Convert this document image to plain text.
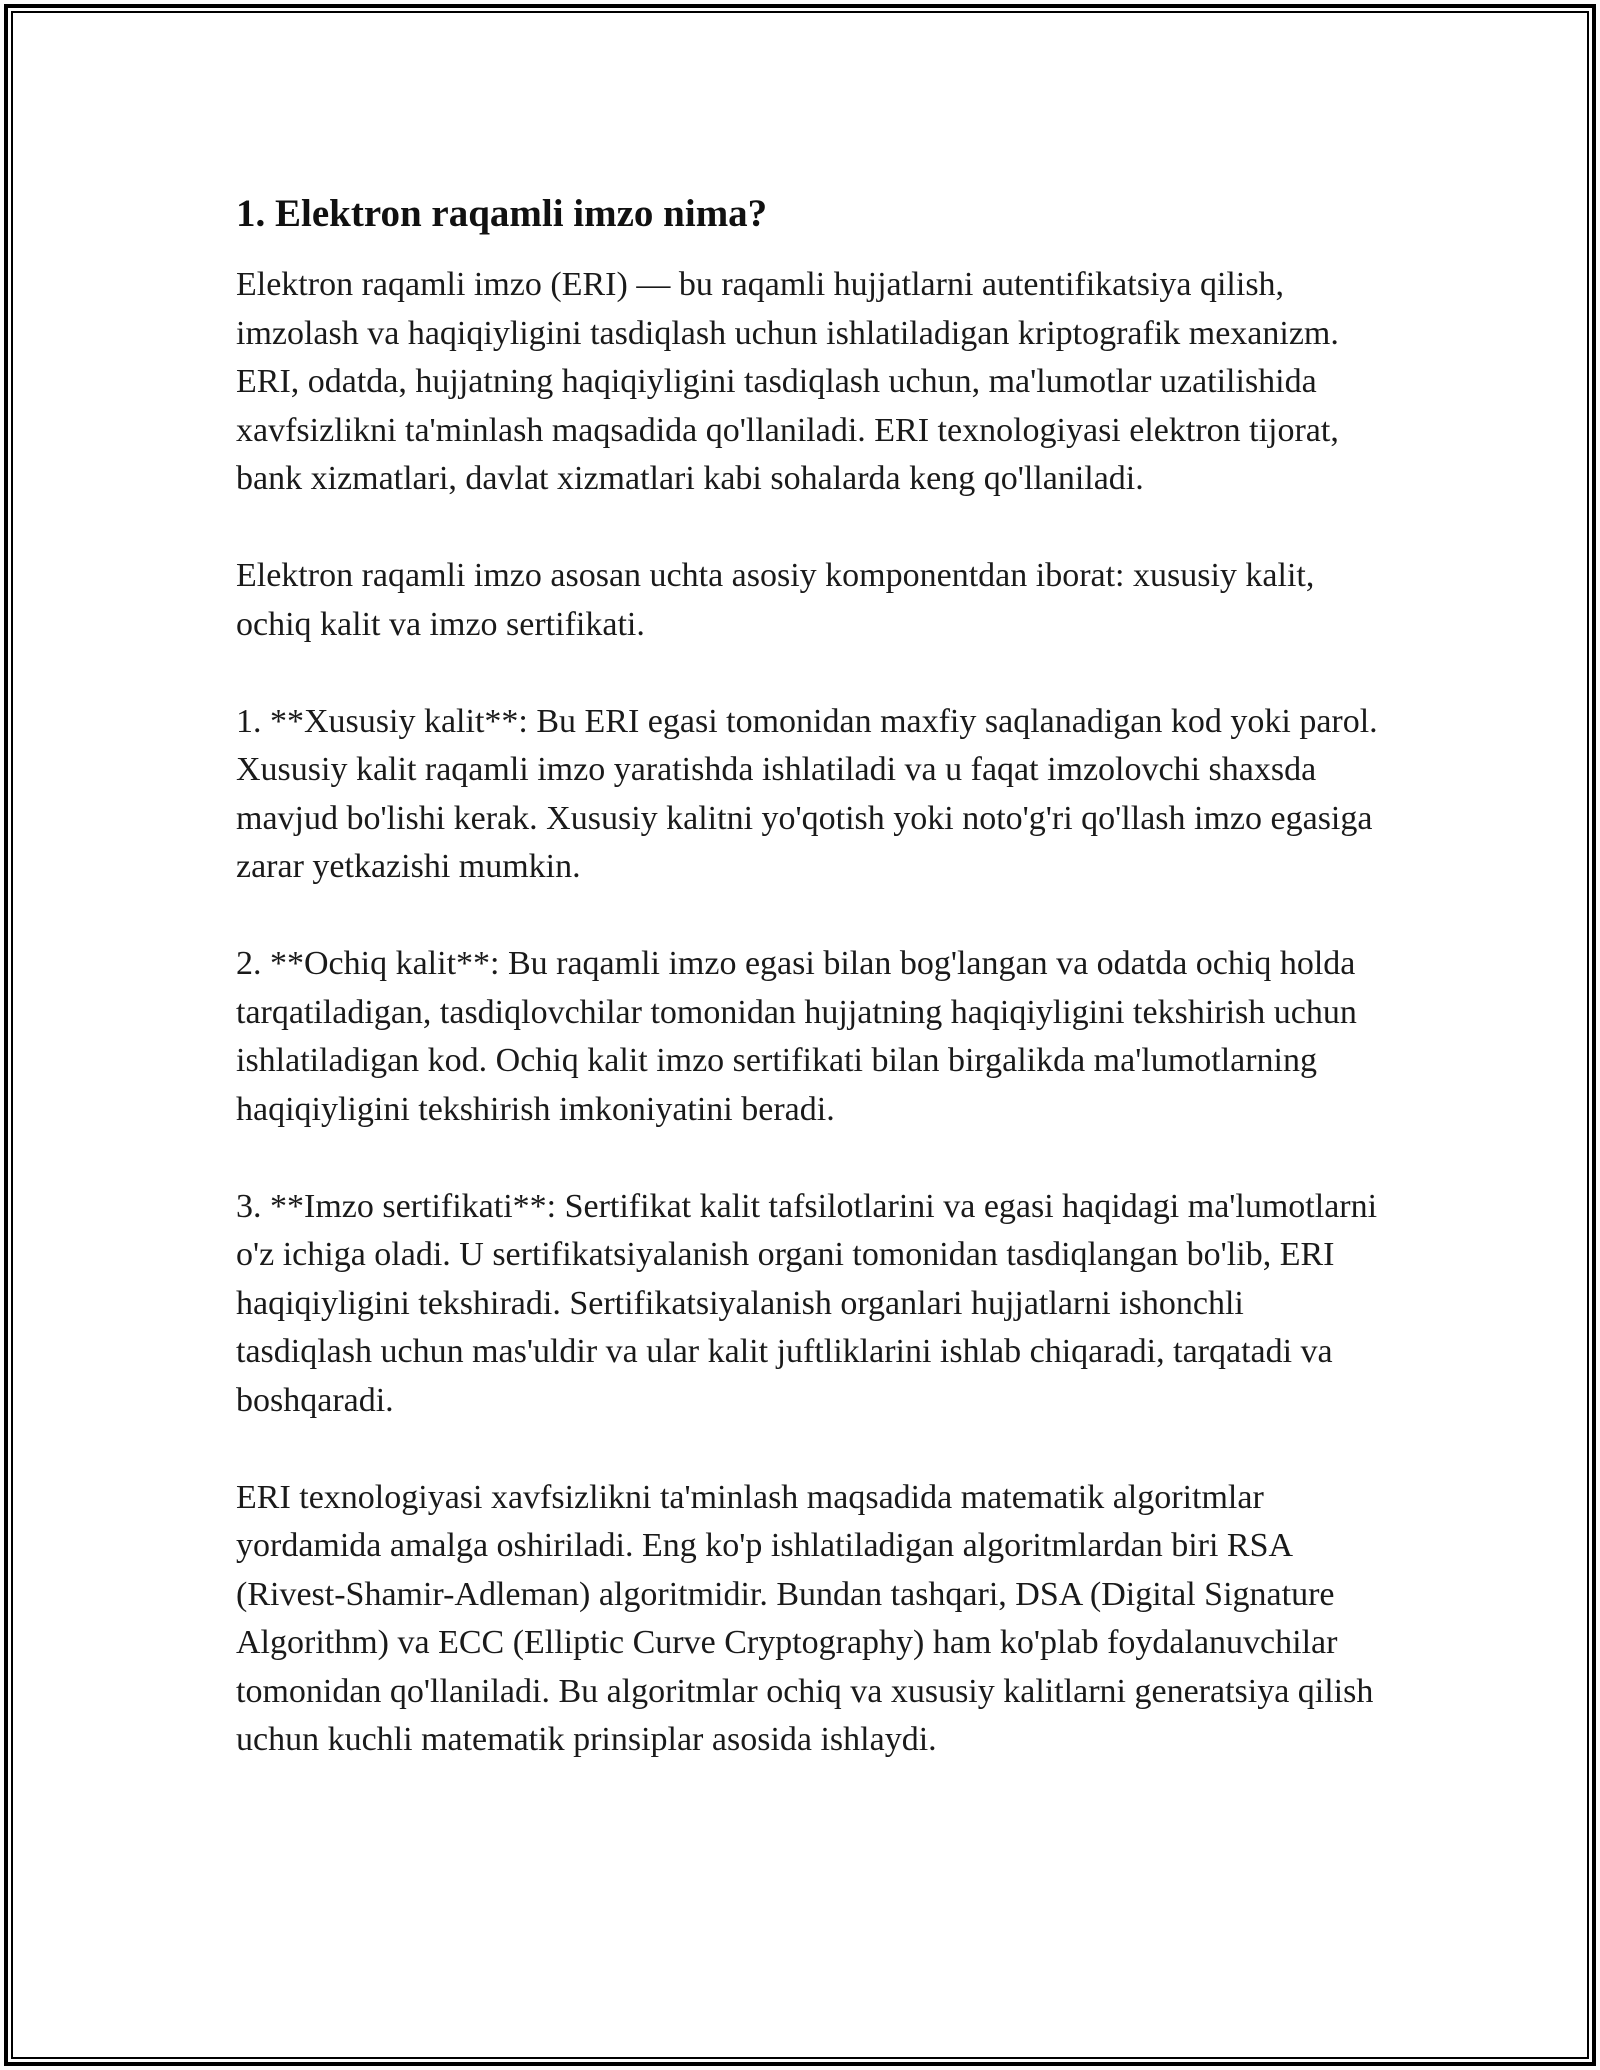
1. Elektron raqamli imzo nima?

Elektron raqamli imzo (ERI) — bu raqamli hujjatlarni autentifikatsiya qilish, imzolash va haqiqiyligini tasdiqlash uchun ishlatiladigan kriptografik mexanizm. ERI, odatda, hujjatning haqiqiyligini tasdiqlash uchun, ma'lumotlar uzatilishida xavfsizlikni ta'minlash maqsadida qo'llaniladi. ERI texnologiyasi elektron tijorat, bank xizmatlari, davlat xizmatlari kabi sohalarda keng qo'llaniladi.

Elektron raqamli imzo asosan uchta asosiy komponentdan iborat: xususiy kalit, ochiq kalit va imzo sertifikati.

1. **Xususiy kalit**: Bu ERI egasi tomonidan maxfiy saqlanadigan kod yoki parol. Xususiy kalit raqamli imzo yaratishda ishlatiladi va u faqat imzolovchi shaxsda mavjud bo'lishi kerak. Xususiy kalitni yo'qotish yoki noto'g'ri qo'llash imzo egasiga zarar yetkazishi mumkin.

2. **Ochiq kalit**: Bu raqamli imzo egasi bilan bog'langan va odatda ochiq holda tarqatiladigan, tasdiqlovchilar tomonidan hujjatning haqiqiyligini tekshirish uchun ishlatiladigan kod. Ochiq kalit imzo sertifikati bilan birgalikda ma'lumotlarning haqiqiyligini tekshirish imkoniyatini beradi.

3. **Imzo sertifikati**: Sertifikat kalit tafsilotlarini va egasi haqidagi ma'lumotlarni o'z ichiga oladi. U sertifikatsiyalanish organi tomonidan tasdiqlangan bo'lib, ERI haqiqiyligini tekshiradi. Sertifikatsiyalanish organlari hujjatlarni ishonchli tasdiqlash uchun mas'uldir va ular kalit juftliklarini ishlab chiqaradi, tarqatadi va boshqaradi.

ERI texnologiyasi xavfsizlikni ta'minlash maqsadida matematik algoritmlar yordamida amalga oshiriladi. Eng ko'p ishlatiladigan algoritmlardan biri RSA (Rivest-Shamir-Adleman) algoritmidir. Bundan tashqari, DSA (Digital Signature Algorithm) va ECC (Elliptic Curve Cryptography) ham ko'plab foydalanuvchilar tomonidan qo'llaniladi. Bu algoritmlar ochiq va xususiy kalitlarni generatsiya qilish uchun kuchli matematik prinsiplar asosida ishlaydi.
